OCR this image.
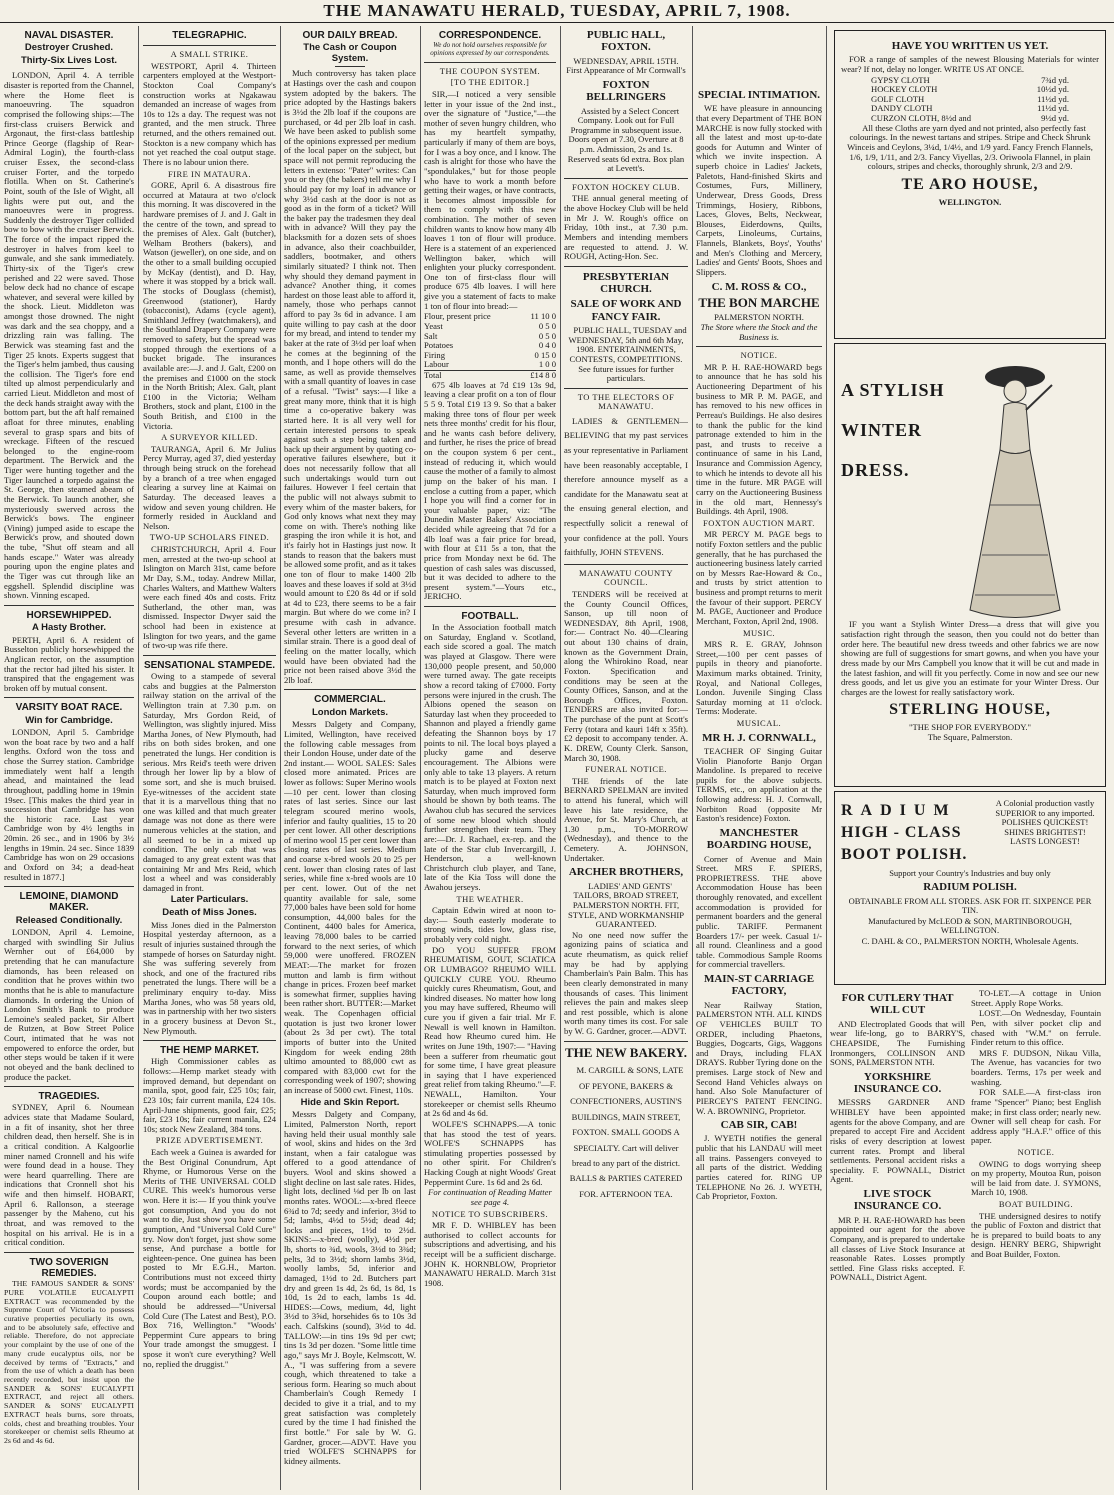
THE MANAWATU HERALD, TUESDAY, APRIL 7, 1908.
NAVAL DISASTER.
Destroyer Crushed.
Thirty-Six Lives Lost.

LONDON, April 4. A terrible disaster is reported from the Channel, where the Home fleet is manoeuvring. The squadron comprised the following ships:—The first-class cruisers Berwick and Argonaut, the first-class battleship Prince George (flagship of Rear-Admiral Login), the fourth-class cruiser Essex, the second-class cruiser Forter, and the torpedo flotilla. When on St. Catherine's Point, south of the Isle of Wight, all lights were put out, and the manoeuvres were in progress. Suddenly the destroyer Tiger collided bow to bow with the cruiser Berwick. The force of the impact ripped the destroyer in halves from keel to gunwale, and she sank immediately. Thirty-six of the Tiger's crew perished and 22 were saved. Those below deck had no chance of escape whatever, and several were killed by the shock. Lieut. Middleton was amongst those drowned. The night was dark and the sea choppy, and a drizzling rain was falling. The Berwick was steaming fast and the Tiger 25 knots. Experts suggest that the Tiger's helm jambed, thus causing the collision. The Tiger's fore end tilted up almost perpendicularly and carried Lieut. Middleton and most of the deck hands straight away with the bottom part, but the aft half remained afloat for three minutes, enabling several to grasp spars and bits of wreckage. Fifteen of the rescued belonged to the engine-room department. The Berwick and the Tiger were hunting together and the Tiger launched a torpedo against the St. George, then steamed abeam of the Berwick. To launch another, she mysteriously swerved across the Berwick's bows. The engineer (Vining) jumped aside to escape the Berwick's prow, and shouted down the tube, "Shut off steam and all hands escape." Water was already pouring upon the engine plates and the Tiger was cut through like an eggshell. Splendid discipline was shown. Vinning escaped.

HORSEWHIPPED.
A Hasty Brother.

PERTH, April 6. A resident of Busselton publicly horsewhipped the Anglican rector, on the assumption that the rector had jilted his sister. It transpired that the engagement was broken off by mutual consent.

VARSITY BOAT RACE.
Win for Cambridge.

LONDON, April 5. Cambridge won the boat race by two and a half lengths. Oxford won the toss and chose the Surrey station. Cambridge immediately went half a length ahead, and maintained the lead throughout, paddling home in 19min 19sec. [This makes the third year in succession that Cambridge has won the historic race. Last year Cambridge won by 4½ lengths in 20min. 26 sec., and in 1906 by 3½ lengths in 19min. 24 sec. Since 1839 Cambridge has won on 29 occasions and Oxford on 34; a dead-heat resulted in 1877.]

LEMOINE, DIAMOND MAKER.
Released Conditionally.

LONDON, April 4. Lemoine, charged with swindling Sir Julius Wernher out of £64,000 by pretending that he can manufacture diamonds, has been released on condition that he proves within two months that he is able to manufacture diamonds. In ordering the Union of London Smith's Bank to produce Lemoine's sealed packet, Sir Albert de Rutzen, at Bow Street Police Court, intimated that he was not empowered to enforce the order, but other steps would be taken if it were not obeyed and the bank declined to produce the packet.

TRAGEDIES.

SYDNEY, April 6. Noumean advices state that Madame Soulard, in a fit of insanity, shot her three children dead, then herself. She is in a critical condition. A Kalgoorlie miner named Cronnell and his wife were found dead in a house. They were heard quarrelling. There are indications that Cronnell shot his wife and then himself. HOBART, April 6. Rallonson, a steerage passenger by the Maheno, cut his throat, and was removed to the hospital on his arrival. He is in a critical condition.

TWO SOVERIGN REMEDIES.

THE FAMOUS SANDER & SONS' PURE VOLATILE EUCALYPTI EXTRACT was recommended by the Supreme Court of Victoria to possess curative properties peculiarly its own, and to be absolutely safe, effective and reliable. Therefore, do not appreciate your complaint by the use of one of the many crude eucalyptus oils, nor be deceived by terms of "Extracts," and from the use of which a death has been recently recorded, but insist upon the SANDER & SONS' EUCALYPTI EXTRACT, and reject all others. SANDER & SONS' EUCALYPTI EXTRACT heals burns, sore throats, colds, chest and breathing troubles. Your storekeeper or chemist sells Rheumo at 2s 6d and 4s 6d.

TELEGRAPHIC.
A SMALL STRIKE.

WESTPORT, April 4. Thirteen carpenters employed at the Westport-Stockton Coal Company's construction works at Ngakawau demanded an increase of wages from 10s to 12s a day. The request was not granted, and the men struck. Three returned, and the others remained out. Stockton is a new company which has not yet reached the coal output stage. There is no labour union there.

FIRE IN MATAURA.

GORE, April 6. A disastrous fire occurred at Mataura at two o'clock this morning. It was discovered in the hardware premises of J. and J. Galt in the centre of the town, and spread to the premises of Alex. Galt (butcher), Welham Brothers (bakers), and Watson (jeweller), on one side, and on the other to a small building occupied by McKay (dentist), and D. Hay, where it was stopped by a brick wall. The stocks of Douglass (chemist), Greenwood (stationer), Hardy (tobacconist), Adams (cycle agent), Smithland Jeffrey (watchmakers), and the Southland Drapery Company were removed to safety, but the spread was stopped through the exertions of a bucket brigade. The insurances available are:—J. and J. Galt, £200 on the premises and £1000 on the stock in the North British; Alex. Galt, plant £100 in the Victoria; Welham Brothers, stock and plant, £100 in the South British, and £100 in the Victoria.

A SURVEYOR KILLED.

TAURANGA, April 6. Mr Julius Percy Murray, aged 37, died yesterday through being struck on the forehead by a branch of a tree when engaged clearing a survey line at Kaimai on Saturday. The deceased leaves a widow and seven young children. He formerly resided in Auckland and Nelson.

TWO-UP SCHOLARS FINED.

CHRISTCHURCH, April 4. Four men, arrested at the two-up school at Islington on March 31st, came before Mr Day, S.M., today. Andrew Millar, Charles Walters, and Matthew Walters were each fined 40s and costs. Fritz Sutherland, the other man, was dismissed. Inspector Dwyer said the school had been in existence at Islington for two years, and the game of two-up was rife there.

SENSATIONAL STAMPEDE.

Owing to a stampede of several cabs and buggies at the Palmerston railway station on the arrival of the Wellington train at 7.30 p.m. on Saturday, Mrs Gordon Reid, of Wellington, was slightly injured. Miss Martha Jones, of New Plymouth, had ribs on both sides broken, and one penetrated the lungs. Her condition is serious. Mrs Reid's teeth were driven through her lower lip by a blow of some sort, and she is much bruised. Eye-witnesses of the accident state that it is a marvellous thing that no one was killed and that much greater damage was not done as there were numerous vehicles at the station, and all seemed to be in a mixed up condition. The only cab that was damaged to any great extent was that containing Mr and Mrs Reid, which lost a wheel and was considerably damaged in front.

Later Particulars.
Death of Miss Jones.

Miss Jones died in the Palmerston Hospital yesterday afternoon, as a result of injuries sustained through the stampede of horses on Saturday night. She was suffering severely from shock, and one of the fractured ribs penetrated the lungs. There will be a preliminary enquiry to-day. Miss Martha Jones, who was 58 years old, was in partnership with her two sisters in a grocery business at Devon St., New Plymouth.

THE HEMP MARKET.

High Commissioner cables as follows:—Hemp market steady with improved demand, but dependant on manila, spot, good fair, £25 10s; fair, £23 10s; fair current manila, £24 10s. April-June shipments, good fair, £25; fair, £23 10s; fair current manila, £24 10s; stock New Zealand, 384 tons.

PRIZE ADVERTISEMENT.

Each week a Guinea is awarded for the Best Original Conundrum, Apt Rhyme, or Humorous Verse on the Merits of THE UNIVERSAL COLD CURE. This week's humorous verse won. Here it is:— If you think you've got consumption, And you do not want to die, Just show you have some gumption, And "Universal Cold Cure" try. Now don't forget, just show some sense, And purchase a bottle for eighteen-pence. One guinea has been posted to Mr E.G.H., Marton. Contributions must not exceed thirty words; must be accompanied by the Coupon around each bottle; and should be addressed—"Universal Cold Cure (The Latest and Best), P.O. Box 716, Wellington." "Woods' Peppermint Cure appears to bring Your trade amongst the smuggest. I spose it won't cure everything? Well no, replied the druggist."

OUR DAILY BREAD.
The Cash or Coupon System.

Much controversy has taken place at Hastings over the cash and coupon system adopted by the bakers. The price adopted by the Hastings bakers is 3½d the 2lb loaf if the coupons are purchased, or 4d per 2lb loaf in cash. We have been asked to publish some of the opinions expressed per medium of the local paper on the subject, but space will not permit reproducing the letters in extenso: "Pater" writes: Can you or they (the bakers) tell me why I should pay for my loaf in advance or why 3½d cash at the door is not as good as in the form of a ticket? Will the baker pay the tradesmen they deal with in advance? Will they pay the blacksmith for a dozen sets of shoes in advance, also their coachbuilder, saddlers, bootmaker, and others similarly situated? I think not. Then why should they demand payment in advance? Another thing, it comes hardest on those least able to afford it, namely, those who perhaps cannot afford to pay 3s 6d in advance. I am quite willing to pay cash at the door for my bread, and intend to tender my baker at the rate of 3½d per loaf when he comes at the beginning of the month, and I hope others will do the same, as well as provide themselves with a small quantity of loaves in case of a refusal. "Twist" says:—I like a great many more, think that it is high time a co-operative bakery was started here. It is all very well for certain interested persons to speak against such a step being taken and back up their argument by quoting co-operative failures elsewhere, but it does not necessarily follow that all such undertakings would turn out failures. However I feel certain that the public will not always submit to every whim of the master bakers, for God only knows what next they may come on with. There's nothing like grasping the iron while it is hot, and it's fairly hot in Hastings just now. It stands to reason that the bakers must be allowed some profit, and as it takes one ton of flour to make 1400 2lb loaves and these loaves if sold at 3½d would amount to £20 8s 4d or if sold at 4d to £23, there seems to be a fair margin. But where do we come in? I presume with cash in advance. Several other letters are written in a similar strain. There is a good deal of feeling on the matter locally, which would have been obviated had the price not been raised above 3½d the 2lb loaf.

COMMERCIAL.
London Markets.

Messrs Dalgety and Company, Limited, Wellington, have received the following cable messages from their London House, under date of the 2nd instant.— WOOL SALES: Sales closed more animated. Prices are lower as follows: Super Merino wools—10 per cent. lower than closing rates of last series. Since our last telegram scoured merino wools, inferior and faulty qualities, 15 to 20 per cent lower. All other descriptions of merino wool 15 per cent lower than closing rates of last series. Medium and coarse x-bred wools 20 to 25 per cent. lower than closing rates of last series, while fine x-bred wools are 10 per cent. lower. Out of the net quantity available for sale, some 77,000 bales have been sold for home consumption, 44,000 bales for the Continent, 4400 bales for America, leaving 78,000 bales to be carried forward to the next series, of which 59,000 were unoffered. FROZEN MEAT:—The market for frozen mutton and lamb is firm without change in prices. Frozen beef market is somewhat firmer, supplies having been rather short. BUTTER:—Market weak. The Copenhagen official quotation is just two kroner lower (about 2s 3d per cwt). The total imports of butter into the United Kingdom for week ending 28th ultimo amounted to 88,000 cwt as compared with 83,000 cwt for the corresponding week of 1907; showing an increase of 5000 cwt. Finest, 110s.

Hide and Skin Report.

Messrs Dalgety and Company, Limited, Palmerston North, report having held their usual monthly sale of wool, skins and hides on the 3rd instant, when a fair catalogue was offered to a good attendance of buyers. Wool and skins showed a slight decline on last sale rates. Hides, light lots, declined ⅛d per lb on last months rates. WOOL:—x-bred fleece 6¾d to 7d; seedy and inferior, 3½d to 5d; lambs, 4½d to 5½d; dead 4d; locks and pieces, 1½d to 2½d. SKINS:—x-bred (woolly), 4½d per lb, shorts to ¾d, wools, 3½d to 3¾d; pelts, 3d to 3½d; shorn lambs 3½d, woolly lambs, 5d, inferior and damaged, 1½d to 2d. Butchers part dry and green 1s 4d, 2s 6d, 1s 8d, 1s 10d, 1s 2d to each, lambs 1s 4d. HIDES:—Cows, medium, 4d, light 3½d to 3⅝d, horsehides 6s to 10s 3d each. Calfskins (sound), 3½d to 4d. TALLOW:—in tins 19s 9d per cwt; tins 1s 3d per dozen. "Some little time ago," says Mr J. Boyle, Kelmscott, W. A., "I was suffering from a severe cough, which threatened to take a serious form. Hearing so much about Chamberlain's Cough Remedy I decided to give it a trial, and to my great satisfaction was completely cured by the time I had finished the first bottle." For sale by W. G. Gardner, grocer.—ADVT. Have you tried WOLFE'S SCHNAPPS for kidney ailments.

CORRESPONDENCE.
We do not hold ourselves responsible for opinions expressed by our correspondents.
THE COUPON SYSTEM.
[TO THE EDITOR.]

SIR,—I noticed a very sensible letter in your issue of the 2nd inst., over the signature of "Justice,"—the mother of seven hungry children, who has my heartfelt sympathy, particularly if many of them are boys, for I was a boy once, and I know. The cash is alright for those who have the "spondulakes," but for those people who have to work a month before getting their wages, or have contracts, it becomes almost impossible for them to comply with this new combination. The mother of seven children wants to know how many 4lb loaves 1 ton of flour will produce. Here is a statement of an experienced Wellington baker, which will enlighten your plucky correspondent. One ton of first-class flour will produce 675 4lb loaves. I will here give you a statement of facts to make 1 ton of flour into bread:—

Flour, present price	11 10 0
Yeast	0 5 0
Salt	0 5 0
Potatoes	0 4 0
Firing	0 15 0
Labour	1 0 0
Total	£14 8 0

675 4lb loaves at 7d £19 13s 9d, leaving a clear profit on a ton of flour 5 5 9. Total £19 13 9. So that a baker making three tons of flour per week nets three months' credit for his flour, and he wants cash before delivery, and further, he rises the price of bread on the coupon system 6 per cent., instead of reducing it, which would cause the mother of a family to almost jump on the baker of his man. I enclose a cutting from a paper, which I hope you will find a corner for in your valuable paper, viz: "The Dunedin Master Bakers' Association decided while agreeing that 7d for a 4lb loaf was a fair price for bread, with flour at £11 5s a ton, that the price from Monday next be 6d. The question of cash sales was discussed, but it was decided to adhere to the present system."—Yours etc., JERICHO.

FOOTBALL.

In the Association football match on Saturday, England v. Scotland, each side scored a goal. The match was played at Glasgow. There were 130,000 people present, and 50,000 were turned away. The gate receipts show a record taking of £7000. Forty persons were injured in the crush. The Albions opened the season on Saturday last when they proceeded to Shannon and played a friendly game defeating the Shannon boys by 17 points to nil. The local boys played a plucky game and deserve encouragement. The Albions were only able to take 13 players. A return match is to be played at Foxton next Saturday, when much improved form should be shown by both teams. The Awahou club has secured the services of some new blood which should further strengthen their team. They are:—Dr. J. Rachael, ex-rep. and the late of the Star club Invercargill, J. Henderson, a well-known Christchurch club player, and Tane, late of the Kia Toss will done the Awahou jerseys.

THE WEATHER.

Captain Edwin wired at noon to-day:— South easterly moderate to strong winds, tides low, glass rise, probably very cold night.

DO YOU SUFFER FROM RHEUMATISM, GOUT, SCIATICA OR LUMBAGO? RHEUMO WILL QUICKLY CURE YOU. Rheumo quickly cures Rheumatism, Gout, and kindred diseases. No matter how long you may have suffered, Rheumo will cure you if given a fair trial. Mr F. Newall is well known in Hamilton. Read how Rheumo cured him. He writes on June 19th, 1907:— "Having been a sufferer from rheumatic gout for some time, I have great pleasure in saying that I have experienced great relief from taking Rheumo."—F. NEWALL, Hamilton. Your storekeeper or chemist sells Rheumo at 2s 6d and 4s 6d.

WOLFE'S SCHNAPPS.—A tonic that has stood the test of years. WOLFE'S SCHNAPPS has stimulating properties possessed by no other spirit. For Children's Hacking Cough at night Woods' Great Peppermint Cure. 1s 6d and 2s 6d.

For continuation of Reading Matter see page 4.
NOTICE TO SUBSCRIBERS.

MR F. D. WHIBLEY has been authorised to collect accounts for subscriptions and advertising, and his receipt will be a sufficient discharge. JOHN K. HORNBLOW, Proprietor MANAWATU HERALD. March 31st 1908.

PUBLIC HALL, FOXTON.
WEDNESDAY, APRIL 15TH.
First Appearance of Mr Cornwall's
FOXTON BELLRINGERS

Assisted by a Select Concert Company. Look out for Full Programme in subsequent issue. Doors open at 7.30, Overture at 8 p.m. Admission, 2s and 1s. Reserved seats 6d extra. Box plan at Levett's.

FOXTON HOCKEY CLUB.

THE annual general meeting of the above Hockey Club will be held in Mr J. W. Rough's office on Friday, 10th inst., at 7.30 p.m. Members and intending members are requested to attend. J. W. ROUGH, Acting-Hon. Sec.

PRESBYTERIAN CHURCH.
SALE OF WORK AND FANCY FAIR.

PUBLIC HALL, TUESDAY and WEDNESDAY, 5th and 6th May, 1908. ENTERTAINMENTS, CONTESTS, COMPETITIONS. See future issues for further particulars.

TO THE ELECTORS OF MANAWATU.

LADIES & GENTLEMEN— BELIEVING that my past services as your representative in Parliament have been reasonably acceptable, I therefore announce myself as a candidate for the Manawatu seat at the ensuing general election, and respectfully solicit a renewal of your confidence at the poll. Yours faithfully, JOHN STEVENS.

MANAWATU COUNTY COUNCIL.

TENDERS will be received at the County Council Offices, Sanson, up till noon of WEDNESDAY, 8th April, 1908, for:— Contract No. 40—Clearing out about 130 chains of drain, known as the Government Drain, along the Whirokino Road, near Foxton. Specification and conditions may be seen at the County Offices, Sanson, and at the Borough Offices, Foxton. TENDERS are also invited for:— The purchase of the punt at Scott's Ferry (totara and kauri 14ft x 35ft). £2 deposit to accompany tender. A. K. DREW, County Clerk. Sanson, March 30, 1908.

FUNERAL NOTICE.

THE friends of the late BERNARD SPELMAN are invited to attend his funeral, which will leave his late residence, the Avenue, for St. Mary's Church, at 1.30 p.m., TO-MORROW (Wednesday), and thence to the Cemetery. A. JOHNSON, Undertaker.

ARCHER BROTHERS,

LADIES' AND GENTS' TAILORS, BROAD STREET, PALMERSTON NORTH. FIT, STYLE, AND WORKMANSHIP GUARANTEED.

No one need now suffer the agonizing pains of sciatica and acute rheumatism, as quick relief may be had by applying Chamberlain's Pain Balm. This has been clearly demonstrated in many thousands of cases. This liniment relieves the pain and makes sleep and rest possible, which is alone worth many times its cost. For sale by W. G. Gardner, grocer.—ADVT.

THE NEW BAKERY.

M. CARGILL & SONS, LATE OF PEYONE, BAKERS & CONFECTIONERS, AUSTIN'S BUILDINGS, MAIN STREET, FOXTON. SMALL GOODS A SPECIALTY. Cart will deliver bread to any part of the district. BALLS & PARTIES CATERED FOR. AFTERNOON TEA.

SPECIAL INTIMATION.

WE have pleasure in announcing that every Department of THE BON MARCHE is now fully stocked with all the latest and most up-to-date goods for Autumn and Winter of which we invite inspection. A superb choice in Ladies' Jackets, Paletots, Hand-finished Skirts and Costumes, Furs, Millinery, Underwear, Dress Goods, Dress Trimmings, Hosiery, Ribbons, Laces, Gloves, Belts, Neckwear, Blouses, Eiderdowns, Quilts, Carpets, Linoleums, Curtains, Flannels, Blankets, Boys', Youths' and Men's Clothing and Mercery, Ladies' and Gents' Boots, Shoes and Slippers.

C. M. ROSS & CO.,
THE BON MARCHE
PALMERSTON NORTH.
The Store where the Stock and the Business is.
NOTICE.

MR P. H. RAE-HOWARD begs to announce that he has sold his Auctioneering Department of his business to MR P. M. PAGE, and has removed to his new offices in Perreau's Buildings. He also desires to thank the public for the kind patronage extended to him in the past, and trusts to receive a continuance of same in his Land, Insurance and Commission Agency, to which he intends to devote all his time in the future. MR PAGE will carry on the Auctioneering Business in the old mart, Hennessy's Buildings. 4th April, 1908.

FOXTON AUCTION MART.

MR PERCY M. PAGE begs to notify Foxton settlers and the public generally, that he has purchased the auctioneering business lately carried on by Messrs Rae-Howard & Co., and trusts by strict attention to business and prompt returns to merit the favour of their support. PERCY M. PAGE, Auctioneer and Produce Merchant, Foxton, April 2nd, 1908.

MUSIC.

MRS R. E. GRAY, Johnson Street,—100 per cent passes of pupils in theory and pianoforte. Maximum marks obtained. Trinity, Royal, and National Colleges, London. Juvenile Singing Class Saturday morning at 11 o'clock. Terms: Moderate.

MUSICAL.
MR H. J. CORNWALL,

TEACHER OF Singing Guitar Violin Pianoforte Banjo Organ Mandoline. Is prepared to receive pupils for the above subjects. TERMS, etc., on application at the following address: H. J. Cornwall, Norbiton Road (opposite Mr Easton's residence) Foxton.

MANCHESTER BOARDING HOUSE,

Corner of Avenue and Main Street. MRS F. SPIERS, PROPRIETRESS. THE above Accommodation House has been thoroughly renovated, and excellent accommodation is provided for permanent boarders and the general public. TARIFF. Permanent Boarders 17/- per week. Casual 1/- all round. Cleanliness and a good table. Commodious Sample Rooms for commercial travellers.

MAIN-ST CARRIAGE FACTORY,

Near Railway Station, PALMERSTON NTH. ALL KINDS OF VEHICLES BUILT TO ORDER, including Phaetons, Buggies, Dogcarts, Gigs, Waggons and Drays, including FLAX DRAYS. Rubber Tyring done on the premises. Large stock of New and Second Hand Vehicles always on hand. Also Sole Manufacturer of PIERCEY'S PATENT FENCING. W. A. BROWNING, Proprietor.

CAB SIR, CAB!

J. WYETH notifies the general public that his LANDAU will meet all trains. Passengers conveyed to all parts of the district. Wedding parties catered for. RING UP TELEPHONE No 26. J. WYETH, Cab Proprietor, Foxton.

HAVE YOU WRITTEN US YET.

FOR a range of samples of the newest Blousing Materials for winter wear? If not, delay no longer. WRITE US AT ONCE.

GYPSY CLOTH	7¾d yd.
HOCKEY CLOTH	10½d yd.
GOLF CLOTH	11½d yd.
DANDY CLOTH	11½d yd.
CURZON CLOTH, 8½d and	9½d yd.

All these Cloths are yarn dyed and not printed, also perfectly fast colourings. In the newest tartans and stripes. Stripe and Check Shrunk Winceis and Ceylons, 3¼d, 1/4½, and 1/9 yard. Fancy French Flannels, 1/6, 1/9, 1/11, and 2/3. Fancy Viyellas, 2/3. Oriwoola Flannel, in plain colours, stripes and checks, thoroughly shrunk, 2/3 and 2/9.

TE ARO HOUSE,
WELLINGTON.
A STYLISH
WINTER
DRESS.

IF you want a Stylish Winter Dress—a dress that will give you satisfaction right through the season, then you could not do better than order here. The beautiful new dress tweeds and other fabrics we are now showing are full of suggestions for smart gowns, and when you have your dress made by our Mrs Campbell you know that it will be cut and made in the latest fashion, and will fit you perfectly. Come in now and see our new dress goods, and let us give you an estimate for your Winter Dress. Our charges are the lowest for really satisfactory work.

STERLING HOUSE,
"THE SHOP FOR EVERYBODY."
The Square, Palmerston.
RADIUM
HIGH - CLASS
BOOT POLISH.

A Colonial production vastly SUPERIOR to any imported. POLISHES QUICKEST! SHINES BRIGHTEST! LASTS LONGEST!

Support your Country's Industries and buy only

RADIUM POLISH.

OBTAINABLE FROM ALL STORES. ASK FOR IT. SIXPENCE PER TIN.

Manufactured by McLEOD & SON, MARTINBOROUGH, WELLINGTON.

C. DAHL & CO., PALMERSTON NORTH, Wholesale Agents.

FOR CUTLERY THAT WILL CUT

AND Electroplated Goods that will wear life-long, go to BARRY'S, CHEAPSIDE, The Furnishing Ironmongers, COLLINSON AND SONS, PALMERSTON NTH.

YORKSHIRE INSURANCE CO.

MESSRS GARDNER AND WHIBLEY have been appointed agents for the above Company, and are prepared to accept Fire and Accident risks of every description at lowest current rates. Prompt and liberal settlements. Personal accident risks a speciality. F. POWNALL, District Agent.

LIVE STOCK INSURANCE CO.

MR P. H. RAE-HOWARD has been appointed our agent for the above Company, and is prepared to undertake all classes of Live Stock Insurance at reasonable Rates. Losses promptly settled. Fine Glass risks accepted. F. POWNALL, District Agent.

TO-LET.—A cottage in Union Street. Apply Rope Works.

LOST.—On Wednesday, Fountain Pen, with silver pocket clip and chased with "W.M." on ferrule. Finder return to this office.

MRS F. DUDSON, Nikau Villa, The Avenue, has vacancies for two boarders. Terms, 17s per week and washing.

FOR SALE.—A first-class iron frame "Spencer" Piano; best English make; in first class order; nearly new. Owner will sell cheap for cash. For address apply "H.A.F." office of this paper.

NOTICE.

OWING to dogs worrying sheep on my property, Moutoa Run, poison will be laid from date. J. SYMONS, March 10, 1908.

BOAT BUILDING.

THE undersigned desires to notify the public of Foxton and district that he is prepared to build boats to any design. HENRY BERG, Shipwright and Boat Builder, Foxton.
